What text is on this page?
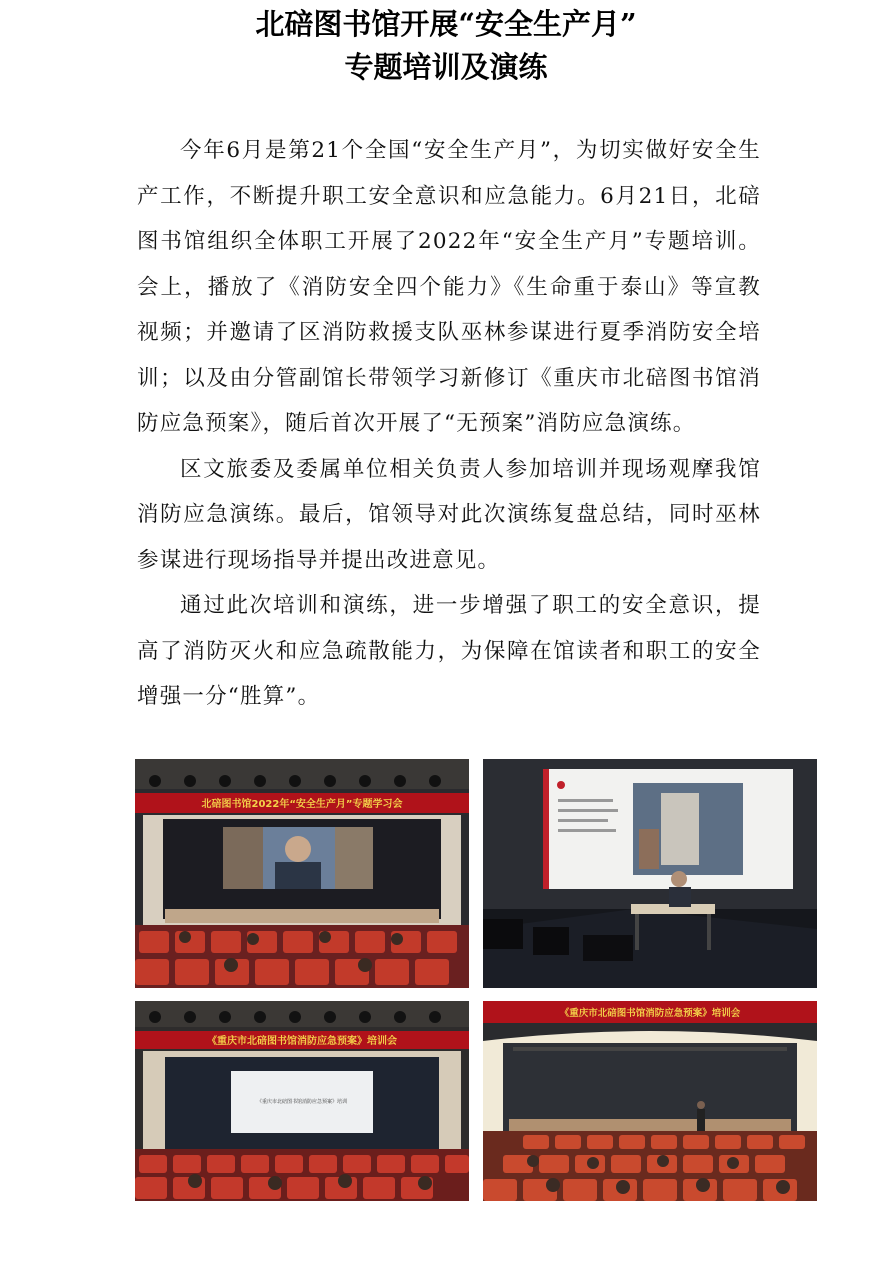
北碚图书馆开展“安全生产月”
专题培训及演练

今年6月是第21个全国“安全生产月”，为切实做好安全生产工作，不断提升职工安全意识和应急能力。6月21日，北碚图书馆组织全体职工开展了2022年“安全生产月”专题培训。会上，播放了《消防安全四个能力》《生命重于泰山》等宣教视频；并邀请了区消防救援支队巫林参谋进行夏季消防安全培训；以及由分管副馆长带领学习新修订《重庆市北碚图书馆消防应急预案》，随后首次开展了“无预案”消防应急演练。

区文旅委及委属单位相关负责人参加培训并现场观摩我馆消防应急演练。最后，馆领导对此次演练复盘总结，同时巫林参谋进行现场指导并提出改进意见。

通过此次培训和演练，进一步增强了职工的安全意识，提高了消防灭火和应急疏散能力，为保障在馆读者和职工的安全增强一分“胜算”。

北碚图书馆2022年“安全生产月”专题学习会
《重庆市北碚图书馆消防应急预案》培训会
《重庆市北碚图书馆消防应急预案》培训
《重庆市北碚图书馆消防应急预案》培训会
